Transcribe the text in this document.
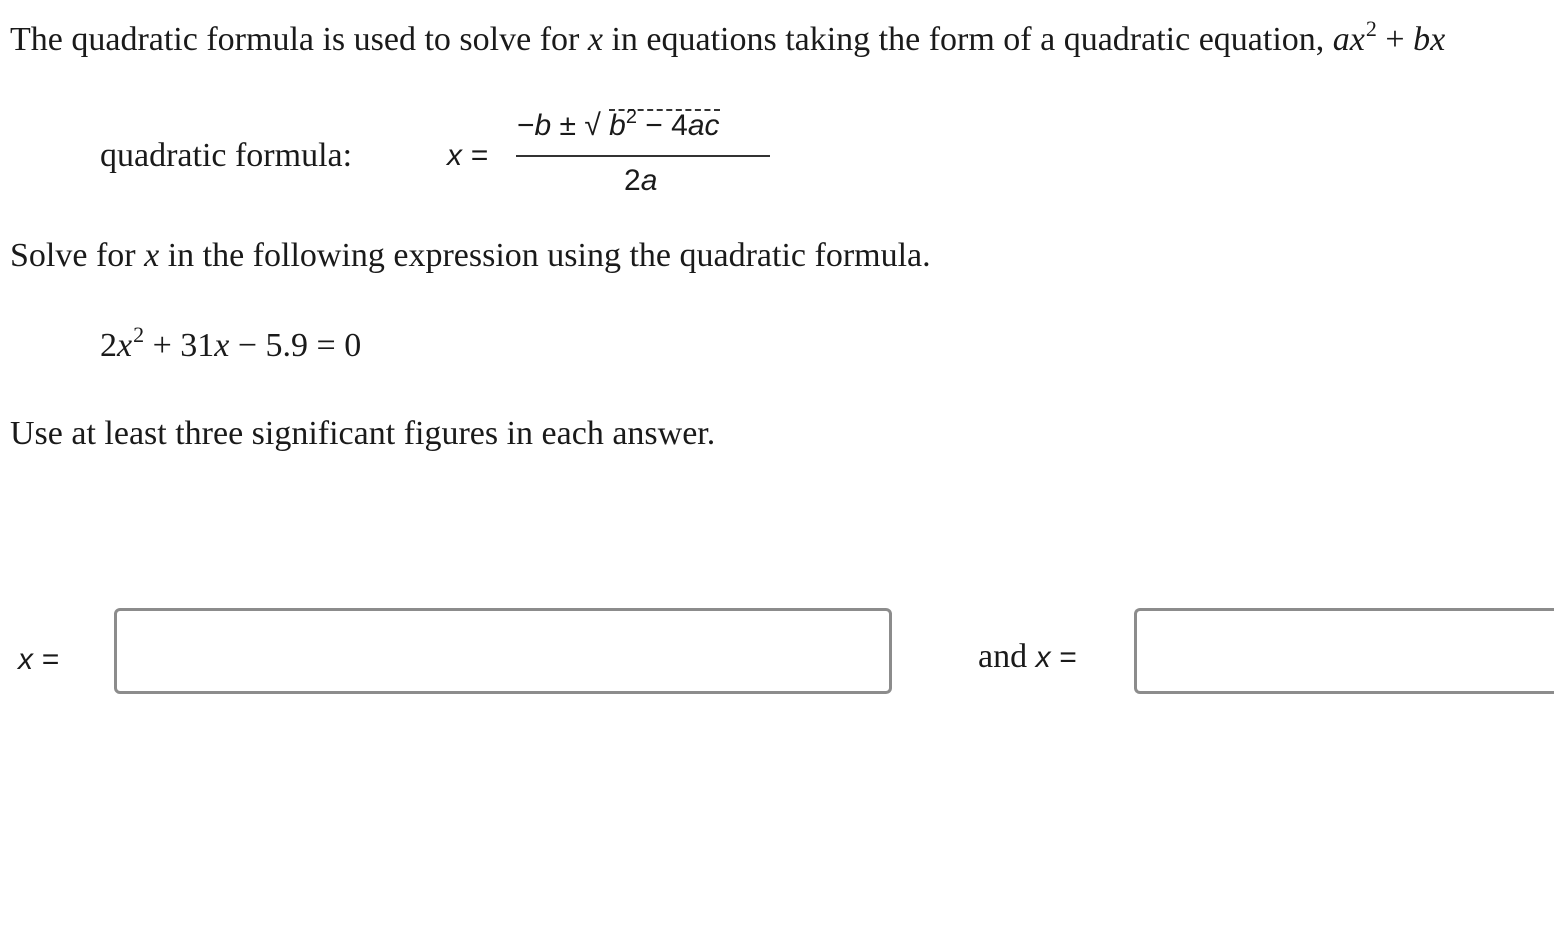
The quadratic formula is used to solve for x in equations taking the form of a quadratic equation, $ax^2$ + bx
quadratic formula:	x =
−b ± √ $b^2 - 4ac$
2a
Solve for x in the following expression using the quadratic formula.
$2x^2 + 31x - 5.9 = 0$
Use at least three significant figures in each answer.
x =	and x =
